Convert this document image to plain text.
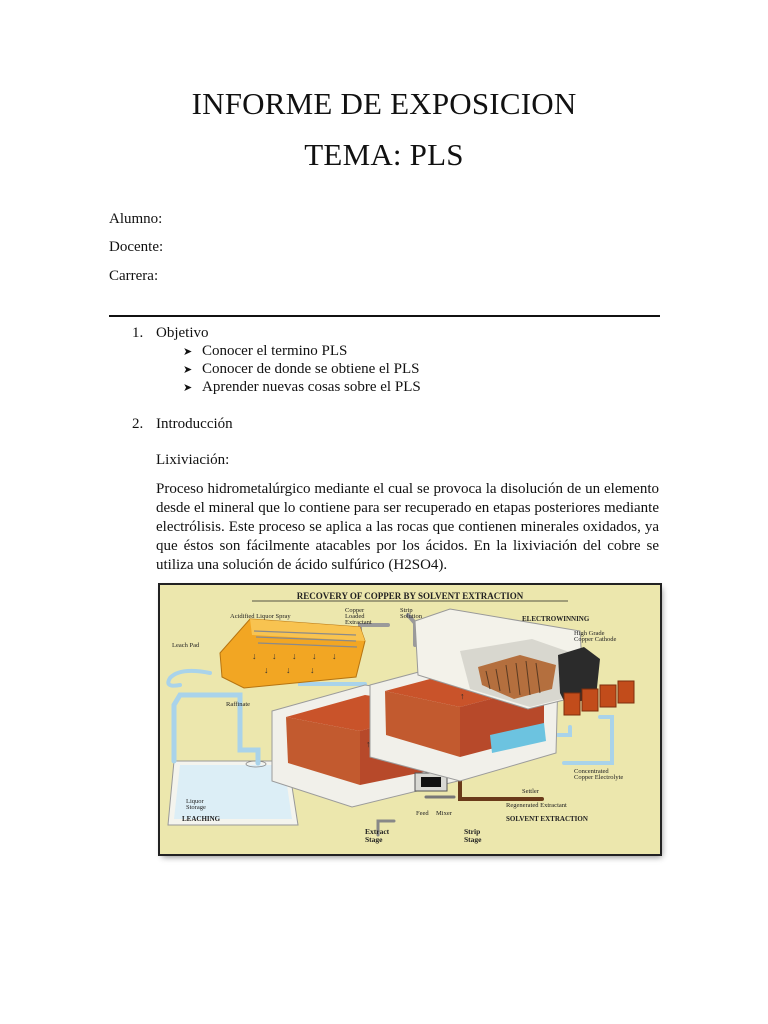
INFORME DE EXPOSICION
TEMA: PLS
Alumno:
Docente:
Carrera:
1. Objetivo
➤ Conocer el termino PLS
➤ Conocer de donde se obtiene el PLS
➤ Aprender nuevas cosas sobre el PLS
2. Introducción
Lixiviación:
Proceso hidrometalúrgico mediante el cual se provoca la disolución de un elemento desde el mineral que lo contiene para ser recuperado en etapas posteriores mediante electrólisis. Este proceso se aplica a las rocas que contienen minerales oxidados, ya que éstos son fácilmente atacables por los ácidos. En la lixiviación del cobre se utiliza una solución de ácido sulfúrico (H2SO4).
RECOVERY OF COPPER BY SOLVENT EXTRACTION
↓ ↓ ↓ ↓ ↓
↓ ↓ ↓
↑
↑
Acidified Liquor Spray
Copper
Loaded
Extractant
Strip
Solution	ELECTROWINNING
High Grade
Copper Cathode
Leach Pad
Raffinate
Concentrated
Copper Electrolyte
Settler
Regenerated Extractant
Liquor
Storage
LEACHING
Feed Mixer
SOLVENT EXTRACTION
Extract
Stage
Strip
Stage
